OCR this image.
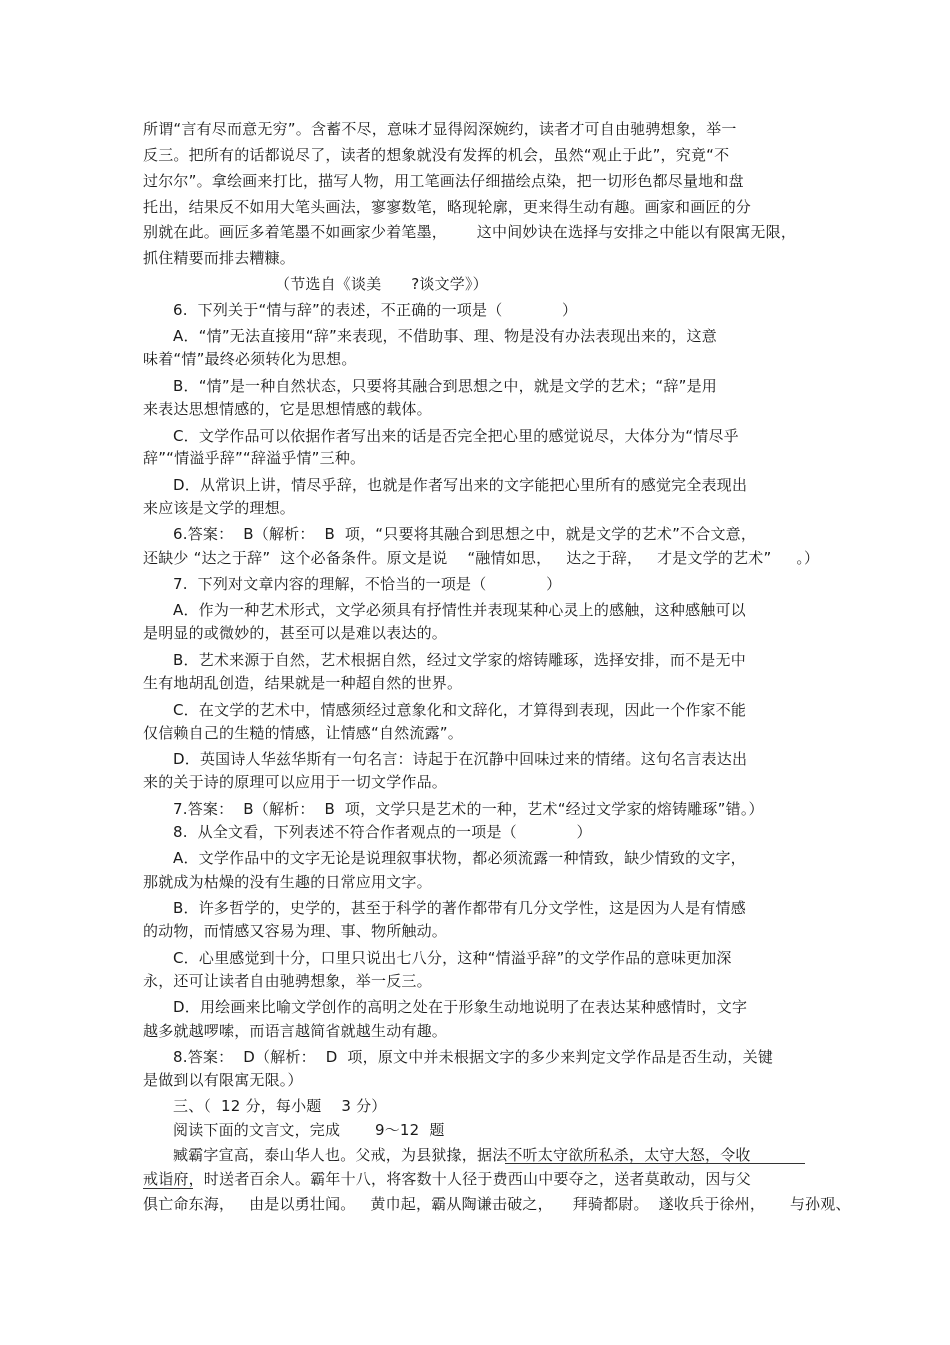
所谓“言有尽而意无穷”。含蓄不尽，意味才显得闳深婉约，读者才可自由驰骋想象，举一
反三。把所有的话都说尽了，读者的想象就没有发挥的机会，虽然“观止于此”，究竟“不
过尔尔”。拿绘画来打比，描写人物，用工笔画法仔细描绘点染，把一切形色都尽量地和盘
托出，结果反不如用大笔头画法，寥寥数笔，略现轮廓，更来得生动有趣。画家和画匠的分
别就在此。画匠多着笔墨不如画家少着笔墨，      这中间妙诀在选择与安排之中能以有限寓无限，
抓住精要而排去糟糠。
（节选自《谈美      ?谈文学》）
6.  下列关于“情与辞”的表述，不正确的一项是（            ）
A．“情”无法直接用“辞”来表现，不借助事、理、物是没有办法表现出来的，这意
味着“情”最终必须转化为思想。
B．“情”是一种自然状态，只要将其融合到思想之中，就是文学的艺术；“辞”是用
来表达思想情感的，它是思想情感的载体。
C．文学作品可以依据作者写出来的话是否完全把心里的感觉说尽，大体分为“情尽乎
辞”“情溢乎辞”“辞溢乎情”三种。
D．从常识上讲，情尽乎辞，也就是作者写出来的文字能把心里所有的感觉完全表现出
来应该是文学的理想。
6.答案：  B（解析：  B  项，“只要将其融合到思想之中，就是文学的艺术”不合文意，
还缺少 “达之于辞”  这个必备条件。原文是说    “融情如思，   达之于辞，   才是文学的艺术”     。）
7.  下列对文章内容的理解，不恰当的一项是（            ）
A．作为一种艺术形式，文学必须具有抒情性并表现某种心灵上的感触，这种感触可以
是明显的或微妙的，甚至可以是难以表达的。
B．艺术来源于自然，艺术根据自然，经过文学家的熔铸雕琢，选择安排，而不是无中
生有地胡乱创造，结果就是一种超自然的世界。
C．在文学的艺术中，情感须经过意象化和文辞化，才算得到表现，因此一个作家不能
仅信赖自己的生糙的情感，让情感“自然流露”。
D．英国诗人华兹华斯有一句名言：诗起于在沉静中回味过来的情绪。这句名言表达出
来的关于诗的原理可以应用于一切文学作品。
7.答案：  B（解析：  B  项，文学只是艺术的一种，艺术“经过文学家的熔铸雕琢”错。）
8.  从全文看，下列表述不符合作者观点的一项是（            ）
A．文学作品中的文字无论是说理叙事状物，都必须流露一种情致，缺少情致的文字，
那就成为枯燥的没有生趣的日常应用文字。
B．许多哲学的，史学的，甚至于科学的著作都带有几分文学性，这是因为人是有情感
的动物，而情感又容易为理、事、物所触动。
C．心里感觉到十分，口里只说出七八分，这种“情溢乎辞”的文学作品的意味更加深
永，还可让读者自由驰骋想象，举一反三。
D．用绘画来比喻文学创作的高明之处在于形象生动地说明了在表达某种感情时，文字
越多就越啰嗦，而语言越简省就越生动有趣。
8.答案：  D（解析：  D  项，原文中并未根据文字的多少来判定文学作品是否生动，关键
是做到以有限寓无限。）
三、（  12 分，每小题    3 分）
阅读下面的文言文，完成       9～12  题
臧霸字宣高，泰山华人也。父戒，为县狱掾，据法不听太守欲所私杀，太守大怒，令收
戒诣府，时送者百余人。霸年十八，将客数十人径于费西山中要夺之，送者莫敢动，因与父
俱亡命东海，   由是以勇壮闻。   黄巾起，霸从陶谦击破之，    拜骑都尉。  遂收兵于徐州，     与孙观、
